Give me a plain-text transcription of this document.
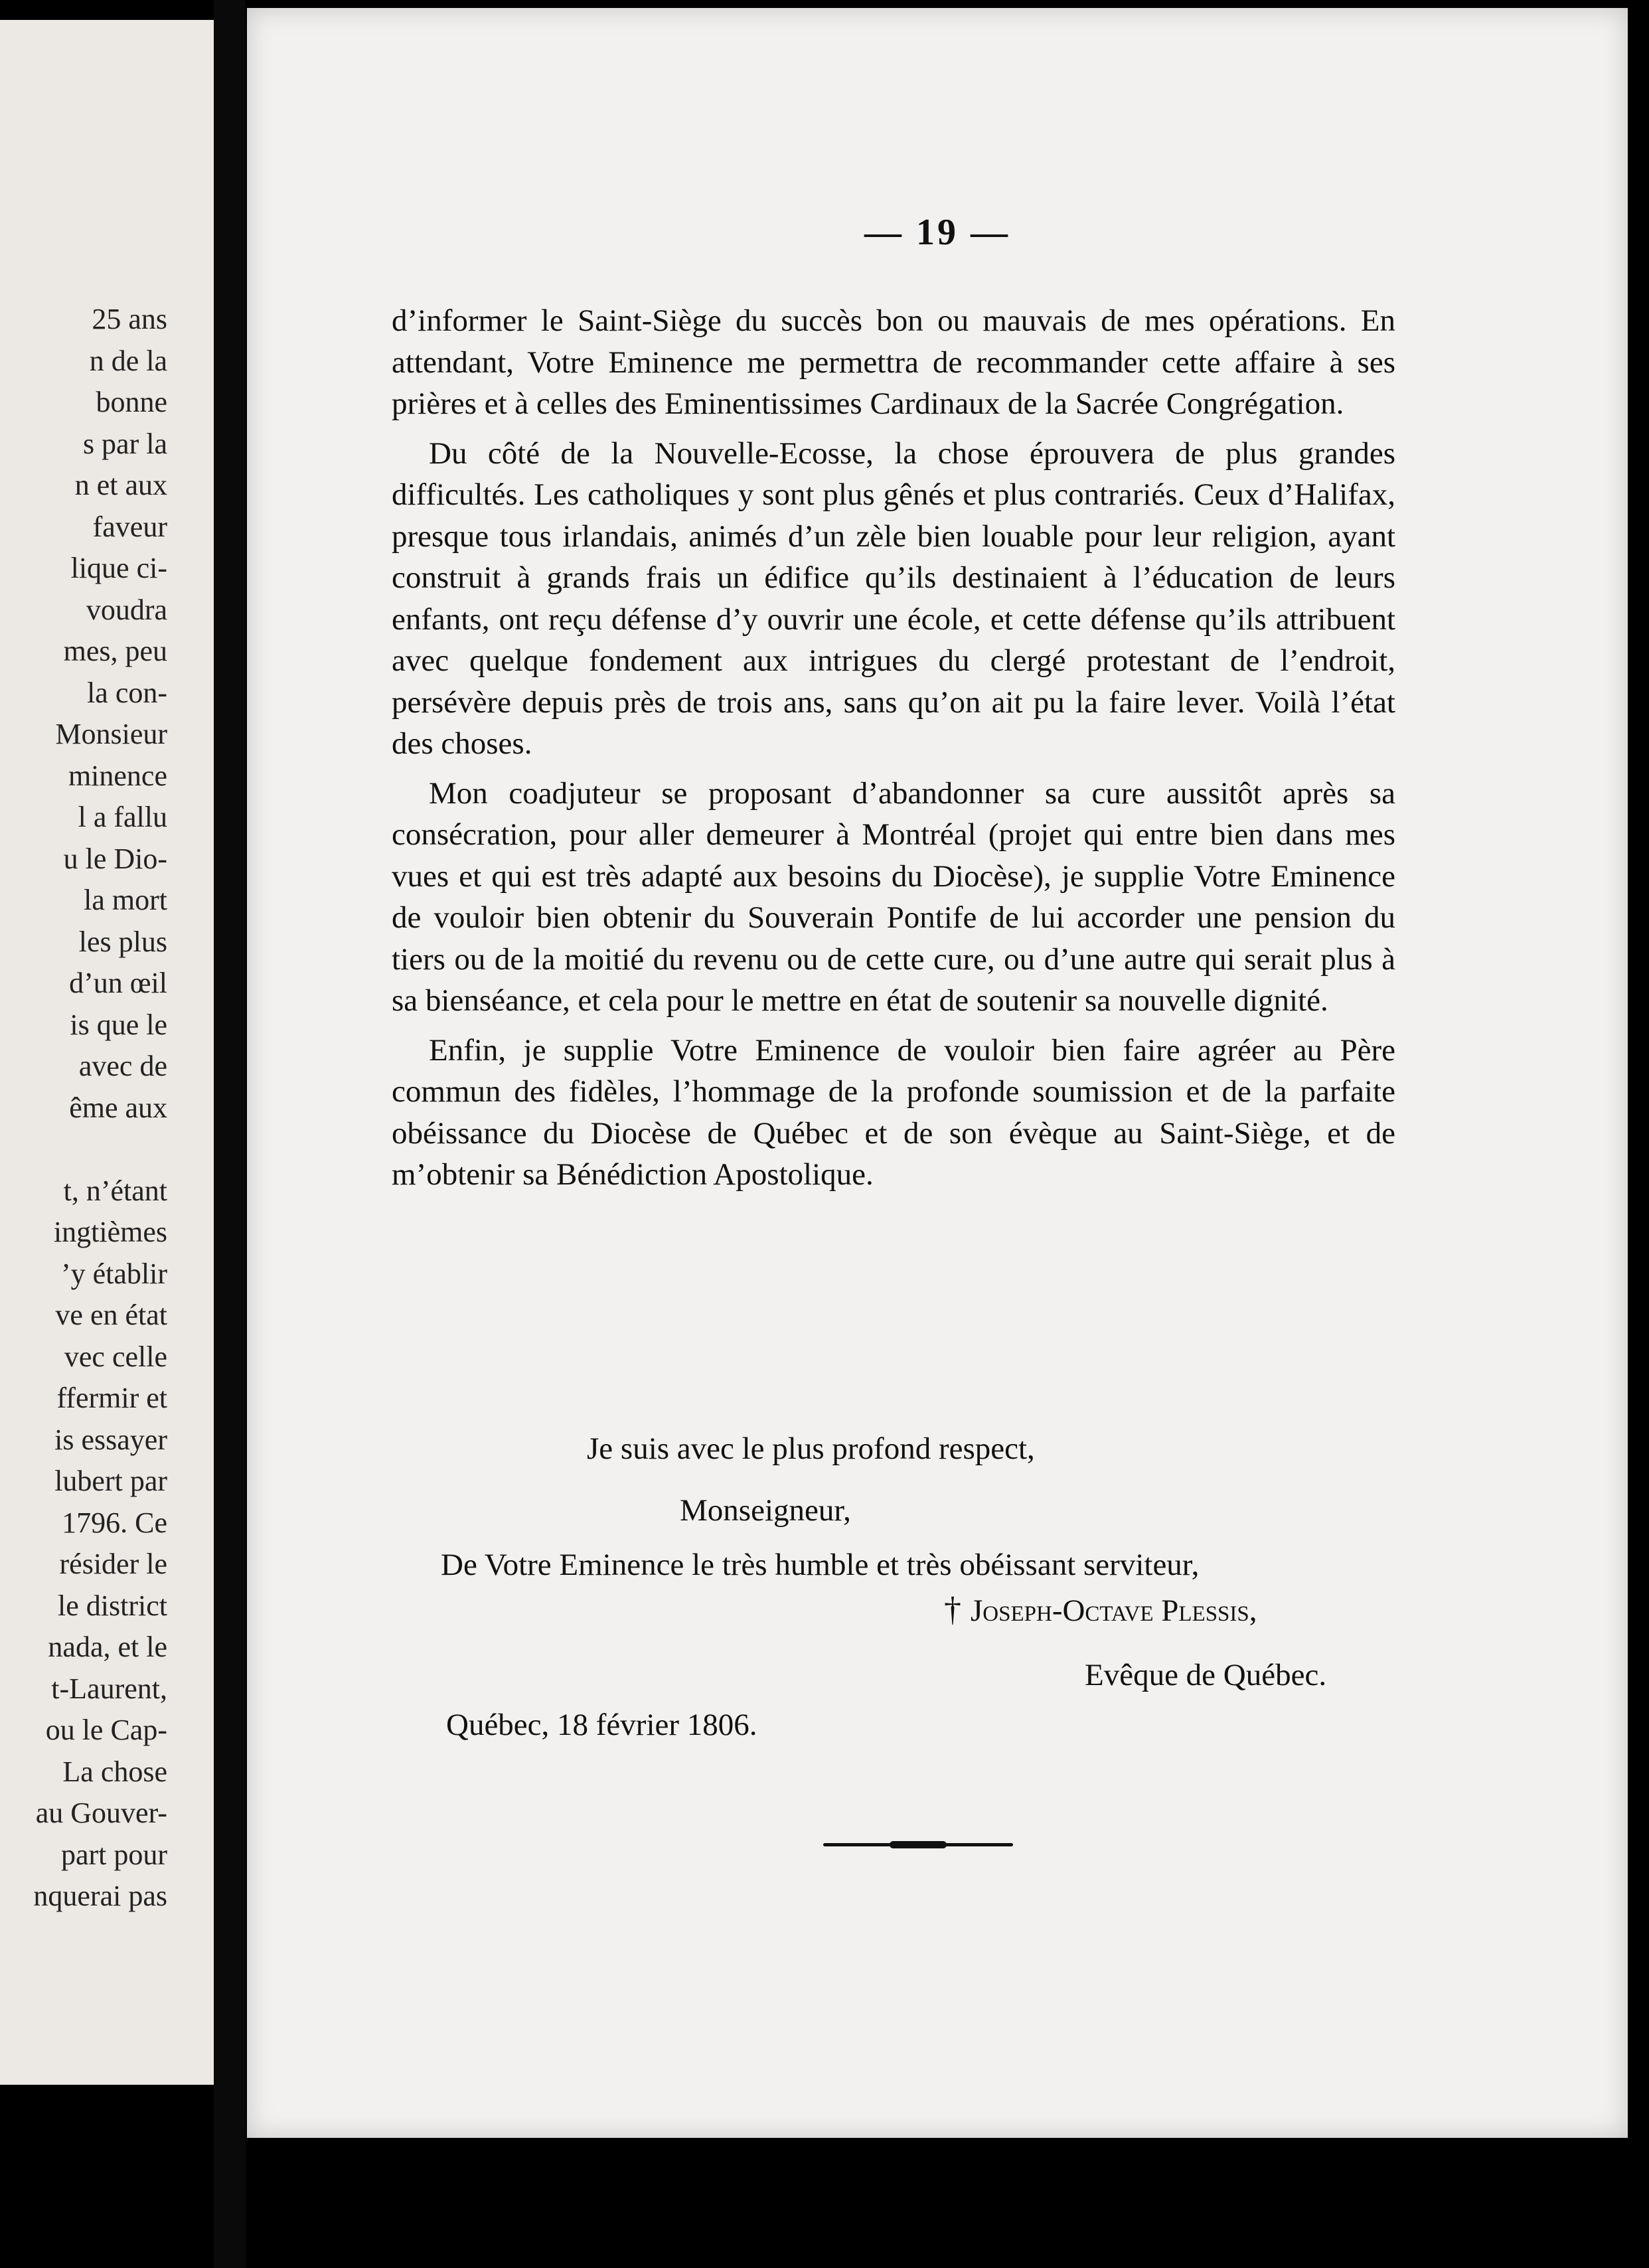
25 ans
n de la
bonne
s par la
n et aux
faveur
lique ci-
voudra
mes, peu
la con-
Monsieur
minence
l a fallu
u le Dio-
la mort
les plus
d’un œil
is que le
avec de
ême aux
t, n’étant
ingtièmes
’y établir
ve en état
vec celle
ffermir et
is essayer
lubert par
1796. Ce
résider le
le district
nada, et le
t-Laurent,
ou le Cap-
La chose
au Gouver-
part pour
nquerai pas
— 19 —

d’informer le Saint-Siège du succès bon ou mauvais de mes opérations. En attendant, Votre Eminence me permettra de recommander cette affaire à ses prières et à celles des Eminentissimes Cardinaux de la Sacrée Congrégation.

Du côté de la Nouvelle-Ecosse, la chose éprouvera de plus grandes difficultés. Les catholiques y sont plus gênés et plus contrariés. Ceux d’Halifax, presque tous irlandais, animés d’un zèle bien louable pour leur religion, ayant construit à grands frais un édifice qu’ils destinaient à l’éducation de leurs enfants, ont reçu défense d’y ouvrir une école, et cette défense qu’ils attribuent avec quelque fondement aux intrigues du clergé protestant de l’endroit, persévère depuis près de trois ans, sans qu’on ait pu la faire lever. Voilà l’état des choses.

Mon coadjuteur se proposant d’abandonner sa cure aussitôt après sa consécration, pour aller demeurer à Montréal (projet qui entre bien dans mes vues et qui est très adapté aux besoins du Diocèse), je supplie Votre Eminence de vouloir bien obtenir du Souverain Pontife de lui accorder une pension du tiers ou de la moitié du revenu ou de cette cure, ou d’une autre qui serait plus à sa bienséance, et cela pour le mettre en état de soutenir sa nouvelle dignité.

Enfin, je supplie Votre Eminence de vouloir bien faire agréer au Père commun des fidèles, l’hommage de la profonde soumission et de la parfaite obéissance du Diocèse de Québec et de son évèque au Saint-Siège, et de m’obtenir sa Bénédiction Apostolique.

Je suis avec le plus profond respect,
Monseigneur,
De Votre Eminence le très humble et très obéissant serviteur,
† Joseph-Octave Plessis,
Evêque de Québec.
Québec, 18 février 1806.
